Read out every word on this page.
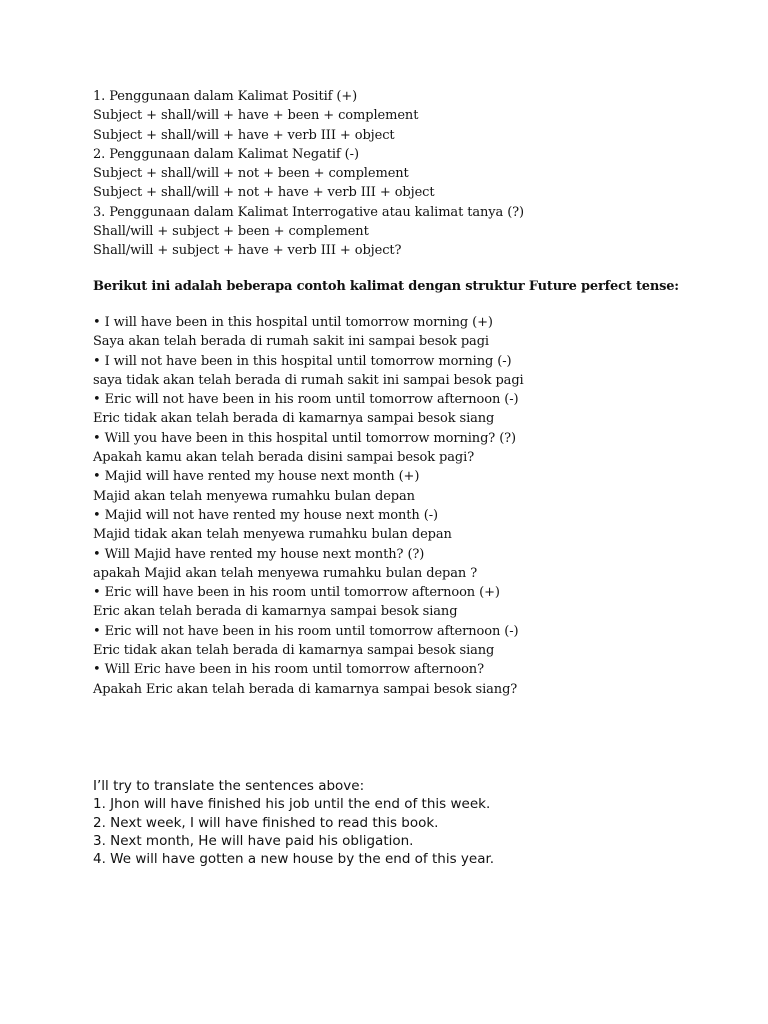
1. Penggunaan dalam Kalimat Positif (+)
Subject + shall/will + have + been + complement
Subject + shall/will + have + verb III + object
2. Penggunaan dalam Kalimat Negatif (-)
Subject + shall/will + not + been + complement
Subject + shall/will + not + have + verb III + object
3. Penggunaan dalam Kalimat Interrogative atau kalimat tanya (?)
Shall/will + subject + been + complement
Shall/will + subject + have + verb III + object?
Berikut ini adalah beberapa contoh kalimat dengan struktur Future perfect tense:
• I will have been in this hospital until tomorrow morning (+)
Saya akan telah berada di rumah sakit ini sampai besok pagi
• I will not have been in this hospital until tomorrow morning (-)
saya tidak akan telah berada di rumah sakit ini sampai besok pagi
• Eric will not have been in his room until tomorrow afternoon (-)
Eric tidak akan telah berada di kamarnya sampai besok siang
• Will you have been in this hospital until tomorrow morning? (?)
Apakah kamu akan telah berada disini sampai besok pagi?
• Majid will have rented my house next month (+)
Majid akan telah menyewa rumahku bulan depan
• Majid will not have rented my house next month (-)
Majid tidak akan telah menyewa rumahku bulan depan
• Will Majid have rented my house next month? (?)
apakah Majid akan telah menyewa rumahku bulan depan ?
• Eric will have been in his room until tomorrow afternoon (+)
Eric akan telah berada di kamarnya sampai besok siang
• Eric will not have been in his room until tomorrow afternoon (-)
Eric tidak akan telah berada di kamarnya sampai besok siang
• Will Eric have been in his room until tomorrow afternoon?
Apakah Eric akan telah berada di kamarnya sampai besok siang?
I’ll try to translate the sentences above:
1. Jhon will have finished his job until the end of this week.
2. Next week, I will have finished to read this book.
3. Next month, He will have paid his obligation.
4. We will have gotten a new house by the end of this year.
